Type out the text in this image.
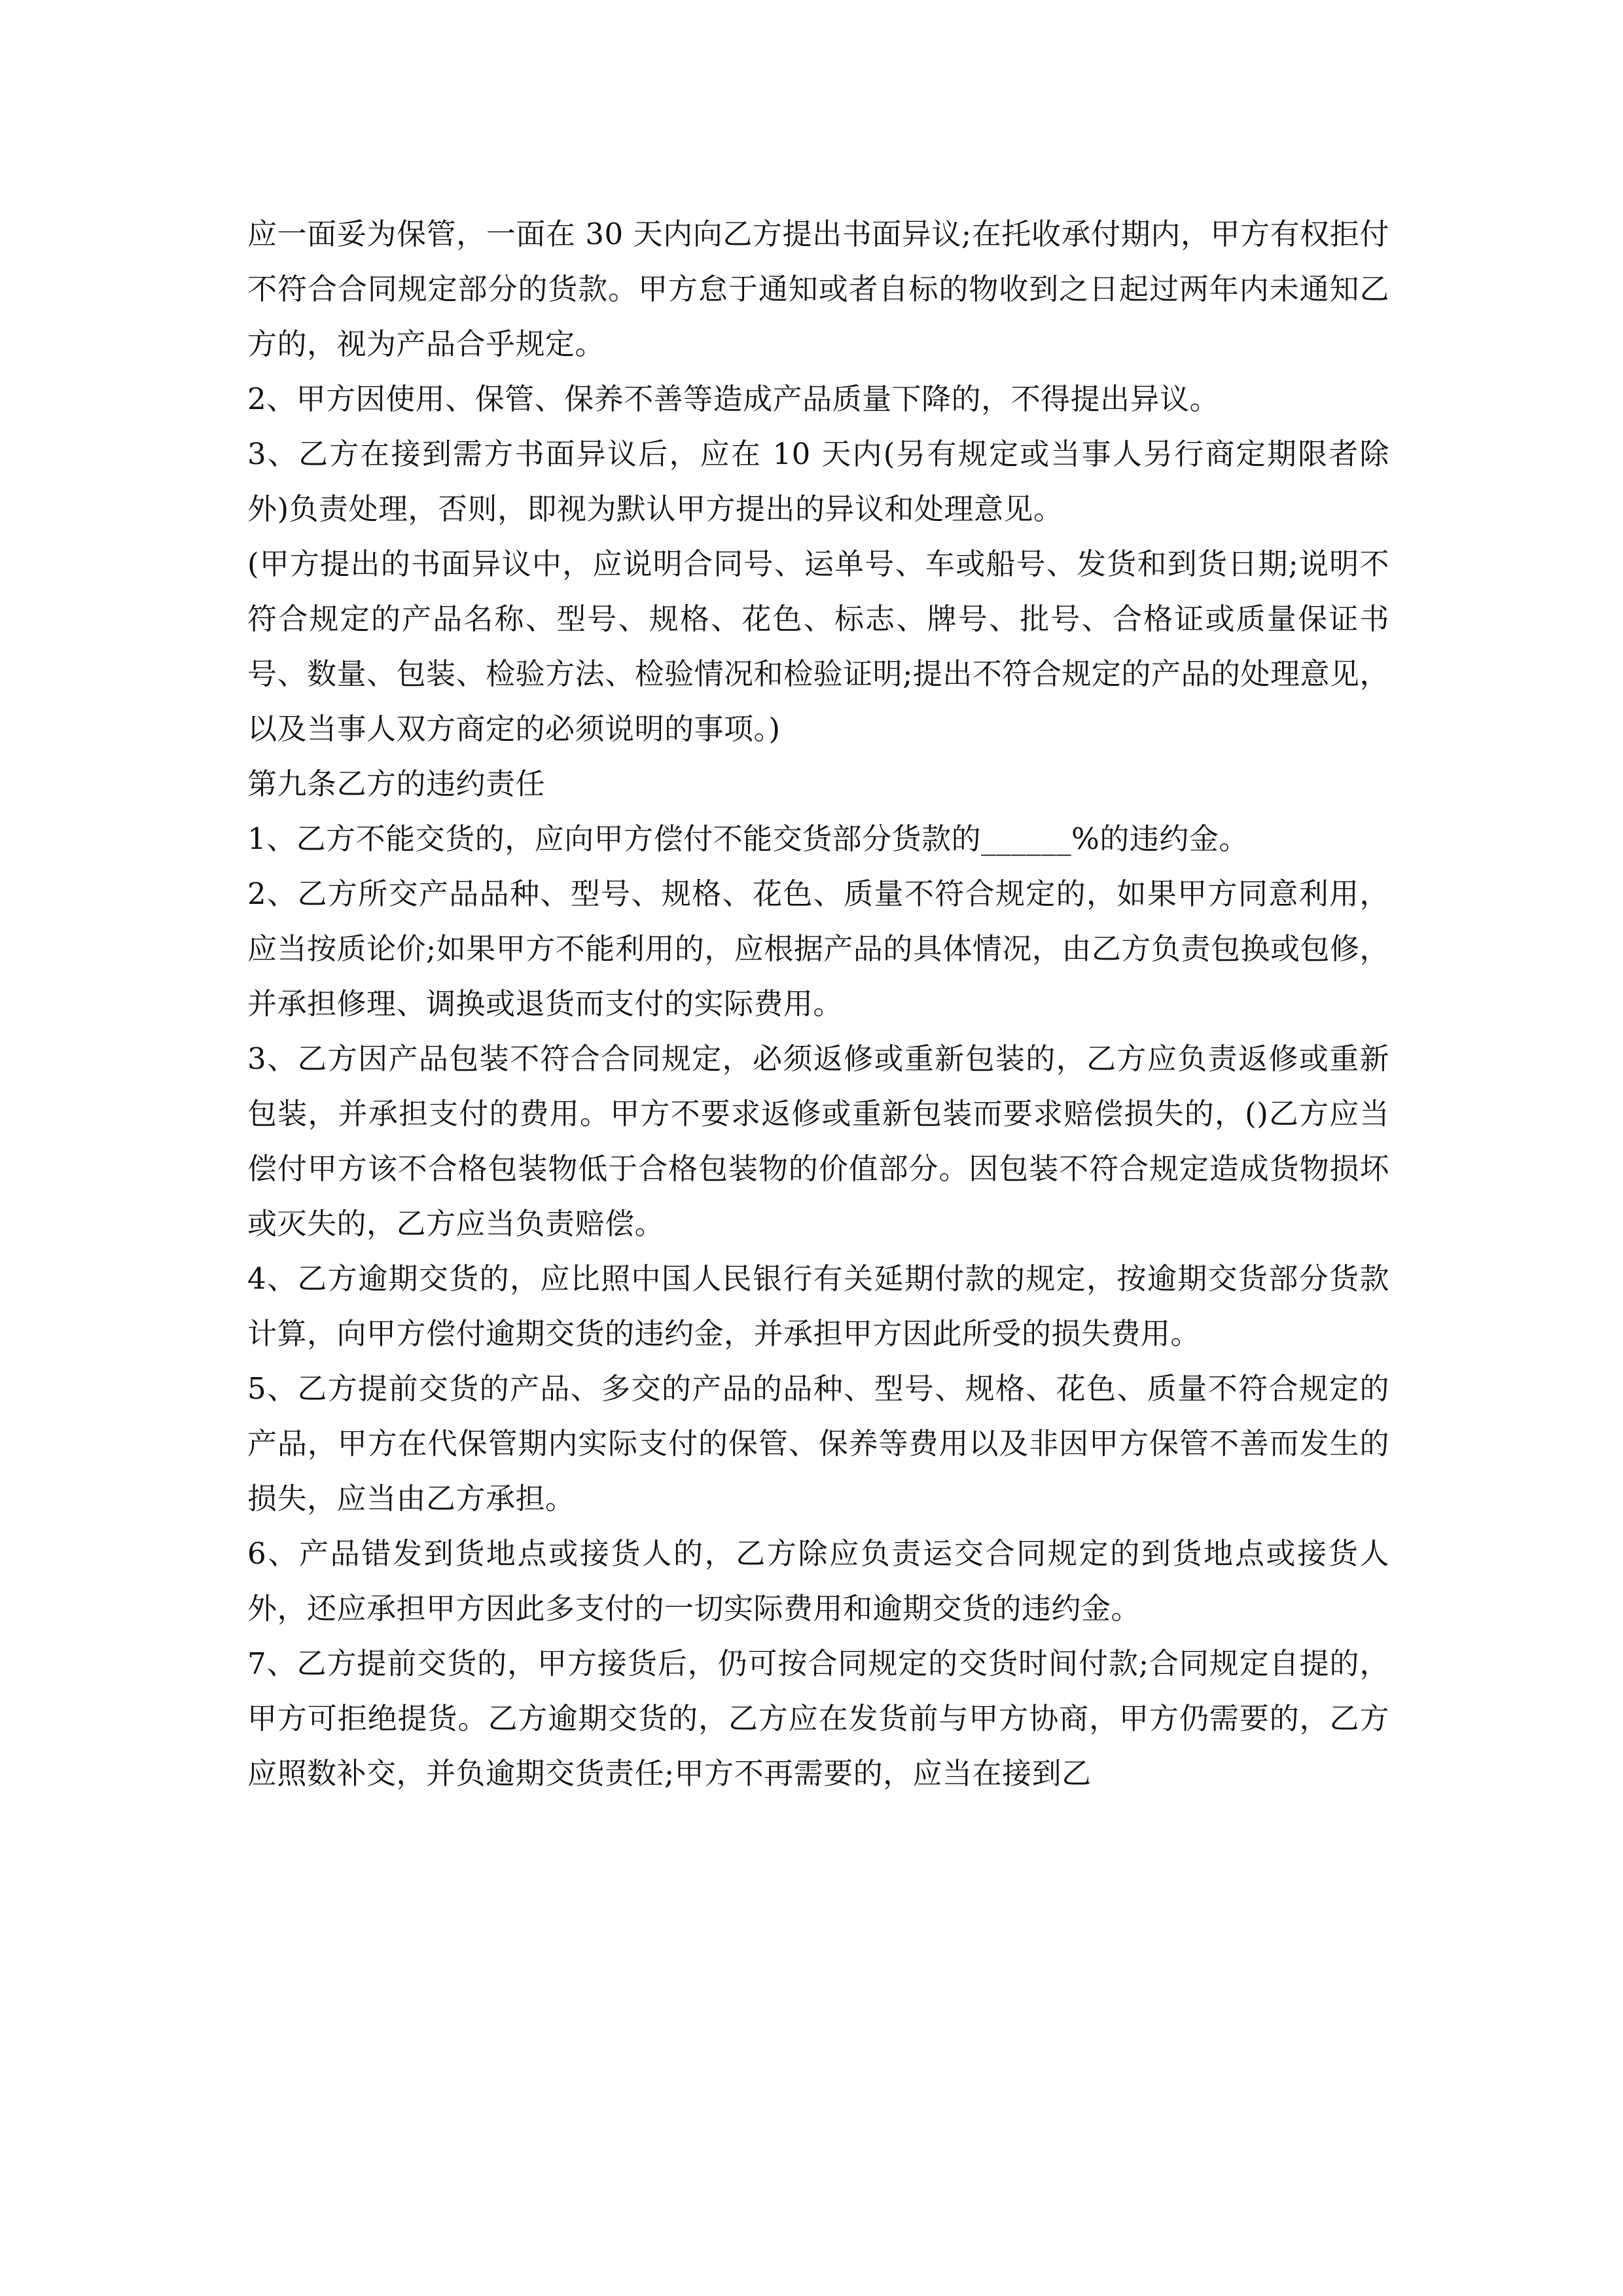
应一面妥为保管，一面在 30 天内向乙方提出书面异议;在托收承付期内，甲方有权拒付不符合合同规定部分的货款。甲方怠于通知或者自标的物收到之日起过两年内未通知乙方的，视为产品合乎规定。

2、甲方因使用、保管、保养不善等造成产品质量下降的，不得提出异议。

3、乙方在接到需方书面异议后，应在 10 天内(另有规定或当事人另行商定期限者除外)负责处理，否则，即视为默认甲方提出的异议和处理意见。

(甲方提出的书面异议中，应说明合同号、运单号、车或船号、发货和到货日期;说明不符合规定的产品名称、型号、规格、花色、标志、牌号、批号、合格证或质量保证书号、数量、包装、检验方法、检验情况和检验证明;提出不符合规定的产品的处理意见，以及当事人双方商定的必须说明的事项。)

第九条乙方的违约责任

1、乙方不能交货的，应向甲方偿付不能交货部分货款的______%的违约金。

2、乙方所交产品品种、型号、规格、花色、质量不符合规定的，如果甲方同意利用，应当按质论价;如果甲方不能利用的，应根据产品的具体情况，由乙方负责包换或包修，并承担修理、调换或退货而支付的实际费用。

3、乙方因产品包装不符合合同规定，必须返修或重新包装的，乙方应负责返修或重新包装，并承担支付的费用。甲方不要求返修或重新包装而要求赔偿损失的，()乙方应当偿付甲方该不合格包装物低于合格包装物的价值部分。因包装不符合规定造成货物损坏或灭失的，乙方应当负责赔偿。

4、乙方逾期交货的，应比照中国人民银行有关延期付款的规定，按逾期交货部分货款计算，向甲方偿付逾期交货的违约金，并承担甲方因此所受的损失费用。

5、乙方提前交货的产品、多交的产品的品种、型号、规格、花色、质量不符合规定的产品，甲方在代保管期内实际支付的保管、保养等费用以及非因甲方保管不善而发生的损失，应当由乙方承担。

6、产品错发到货地点或接货人的，乙方除应负责运交合同规定的到货地点或接货人外，还应承担甲方因此多支付的一切实际费用和逾期交货的违约金。

7、乙方提前交货的，甲方接货后，仍可按合同规定的交货时间付款;合同规定自提的，甲方可拒绝提货。乙方逾期交货的，乙方应在发货前与甲方协商，甲方仍需要的，乙方应照数补交，并负逾期交货责任;甲方不再需要的，应当在接到乙
